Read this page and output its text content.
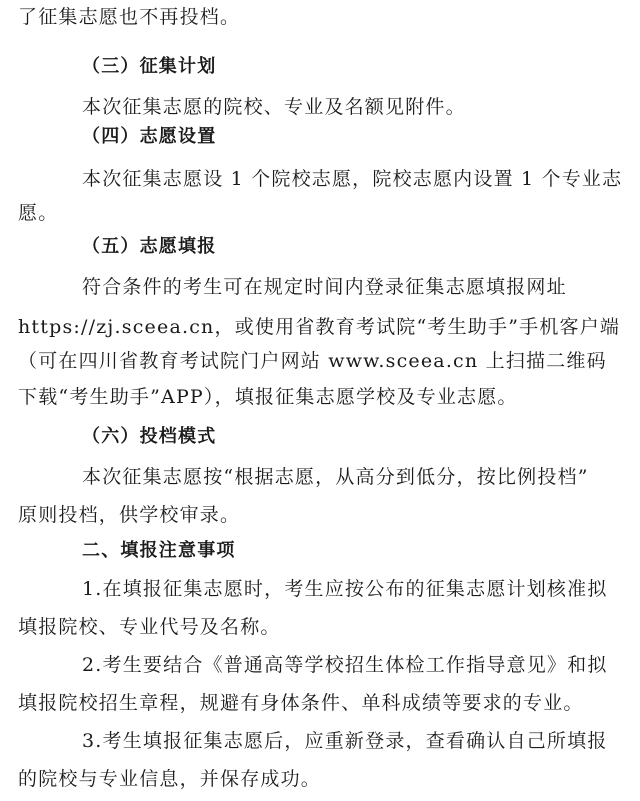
了征集志愿也不再投档。
（三）征集计划
本次征集志愿的院校、专业及名额见附件。
（四）志愿设置
本次征集志愿设 1 个院校志愿，院校志愿内设置 1 个专业志
愿。
（五）志愿填报
符合条件的考生可在规定时间内登录征集志愿填报网址
https://zj.sceea.cn，或使用省教育考试院“考生助手”手机客户端
（可在四川省教育考试院门户网站 www.sceea.cn 上扫描二维码
下载“考生助手”APP），填报征集志愿学校及专业志愿。
（六）投档模式
本次征集志愿按“根据志愿，从高分到低分，按比例投档”
原则投档，供学校审录。
二、填报注意事项
1.在填报征集志愿时，考生应按公布的征集志愿计划核准拟
填报院校、专业代号及名称。
2.考生要结合《普通高等学校招生体检工作指导意见》和拟
填报院校招生章程，规避有身体条件、单科成绩等要求的专业。
3.考生填报征集志愿后，应重新登录，查看确认自己所填报
的院校与专业信息，并保存成功。
